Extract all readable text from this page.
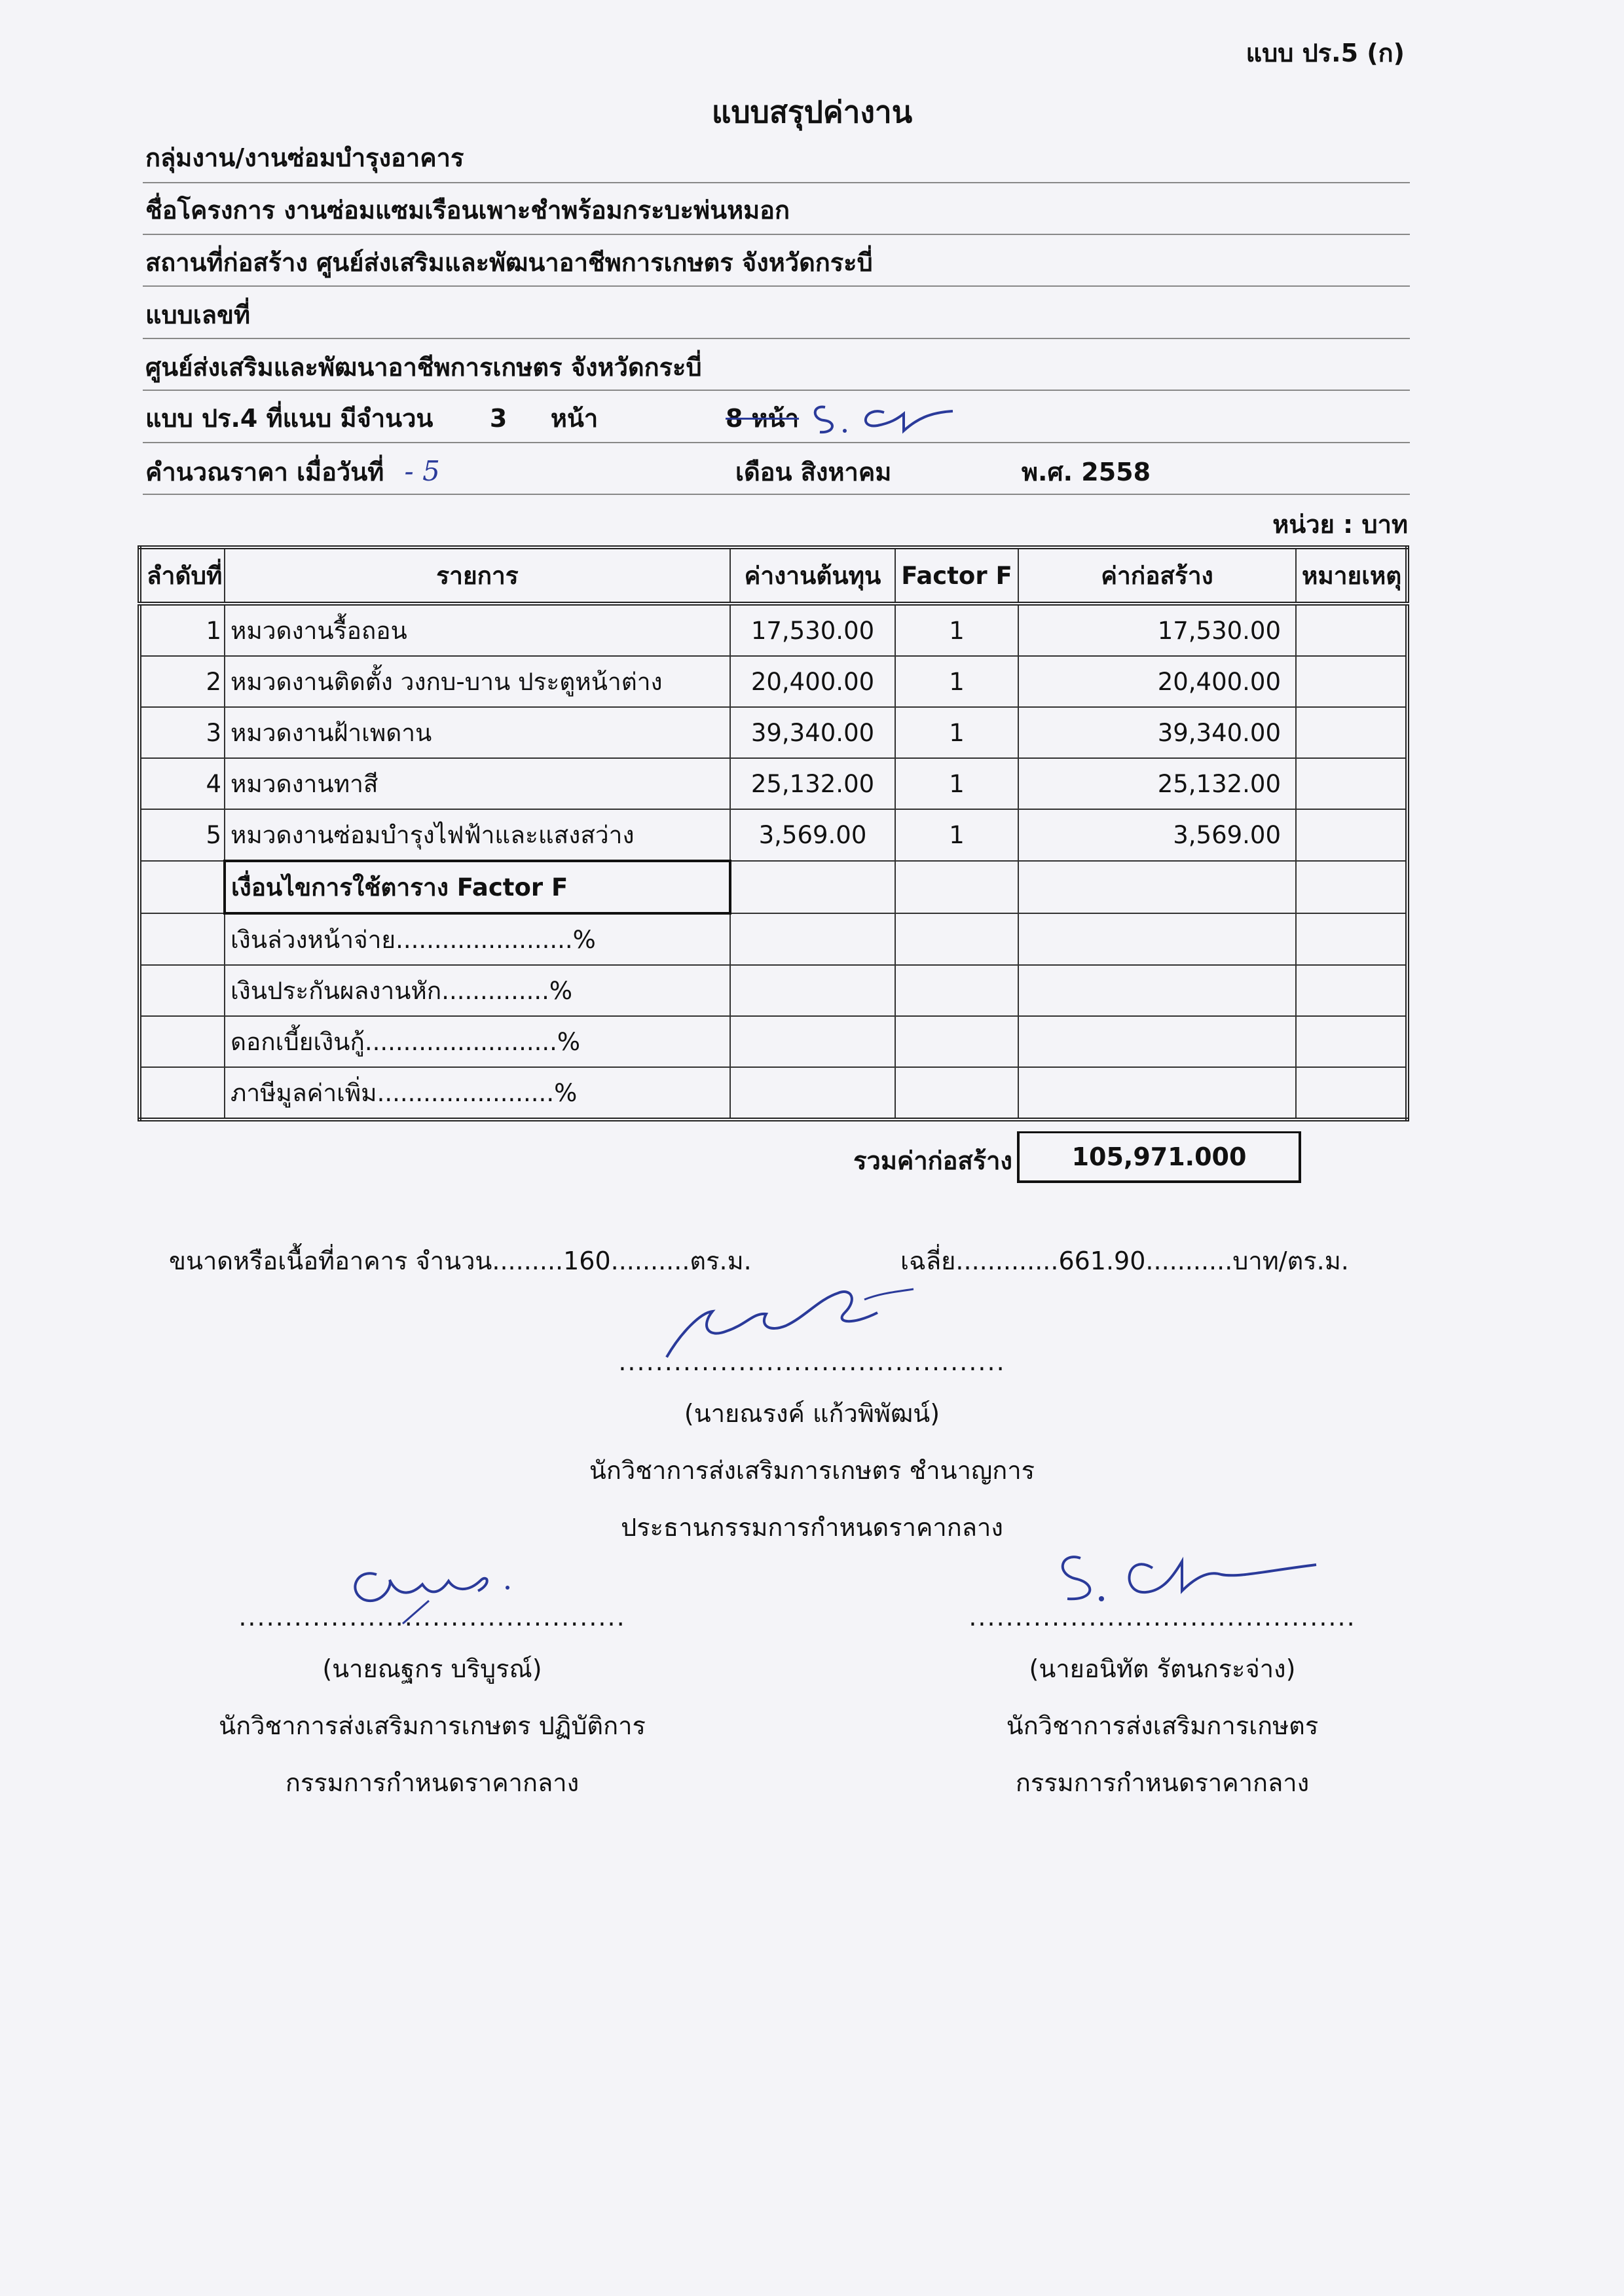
แบบ ปร.5 (ก)
แบบสรุปค่างาน
กลุ่มงาน/งานซ่อมบำรุงอาคาร
ชื่อโครงการ งานซ่อมแซมเรือนเพาะชำพร้อมกระบะพ่นหมอก
สถานที่ก่อสร้าง ศูนย์ส่งเสริมและพัฒนาอาชีพการเกษตร จังหวัดกระบี่
แบบเลขที่
ศูนย์ส่งเสริมและพัฒนาอาชีพการเกษตร จังหวัดกระบี่
แบบ ปร.4 ที่แนบ มีจำนวน 3 หน้า	8 หน้า
คำนวณราคา เมื่อวันที่ ‑ 5	เดือน สิงหาคม	พ.ศ. 2558
หน่วย : บาท
ลำดับที่	รายการ	ค่างานต้นทุน	Factor F	ค่าก่อสร้าง	หมายเหตุ
1	หมวดงานรื้อถอน	17,530.00	1	17,530.00	
2	หมวดงานติดตั้ง วงกบ-บาน ประตูหน้าต่าง	20,400.00	1	20,400.00	
3	หมวดงานฝ้าเพดาน	39,340.00	1	39,340.00	
4	หมวดงานทาสี	25,132.00	1	25,132.00	
5	หมวดงานซ่อมบำรุงไฟฟ้าและแสงสว่าง	3,569.00	1	3,569.00	
	เงื่อนไขการใช้ตาราง Factor F				
	เงินล่วงหน้าจ่าย.......................%				
	เงินประกันผลงานหัก..............%				
	ดอกเบี้ยเงินกู้.........................%				
	ภาษีมูลค่าเพิ่ม.......................%				
รวมค่าก่อสร้าง	105,971.000
ขนาดหรือเนื้อที่อาคาร จำนวน.........160..........ตร.ม.	เฉลี่ย.............661.90...........บาท/ตร.ม.
..........................................
(นายณรงค์ แก้วพิพัฒน์)
นักวิชาการส่งเสริมการเกษตร ชำนาญการ
ประธานกรรมการกำหนดราคากลาง
..........................................
(นายณฐกร บริบูรณ์)
นักวิชาการส่งเสริมการเกษตร ปฏิบัติการ
กรรมการกำหนดราคากลาง
..........................................
(นายอนิทัต รัตนกระจ่าง)
นักวิชาการส่งเสริมการเกษตร
กรรมการกำหนดราคากลาง
